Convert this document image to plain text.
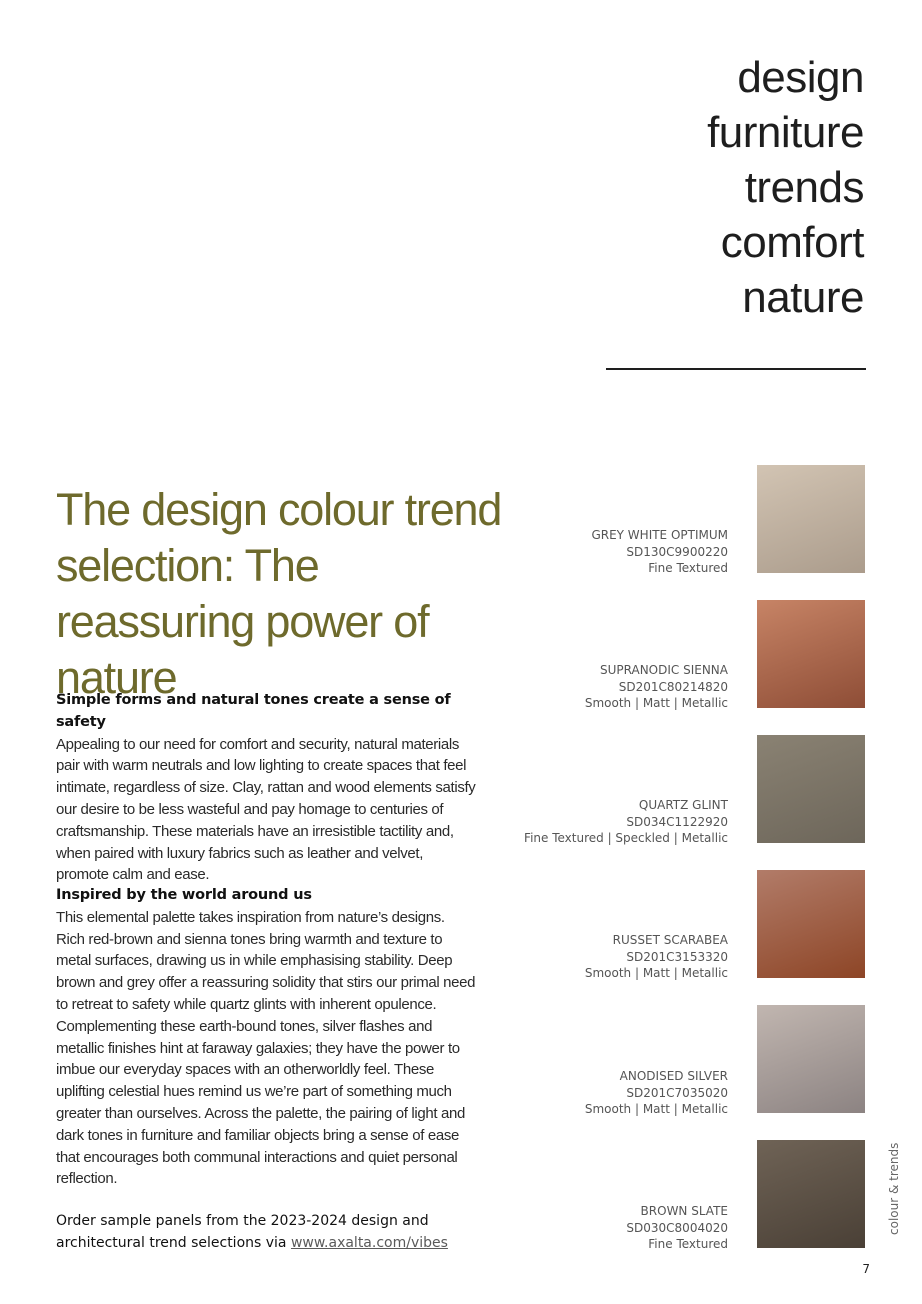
design
furniture
trends
comfort
nature
The design colour trend selection: The reassuring power of nature
Simple forms and natural tones create a sense of safety

Appealing to our need for comfort and security, natural materials pair with warm neutrals and low lighting to create spaces that feel intimate, regardless of size. Clay, rattan and wood elements satisfy our desire to be less wasteful and pay homage to centuries of craftsmanship. These materials have an irresistible tactility and, when paired with luxury fabrics such as leather and velvet, promote calm and ease.

Inspired by the world around us

This elemental palette takes inspiration from nature’s designs. Rich red-brown and sienna tones bring warmth and texture to metal surfaces, drawing us in while emphasising stability. Deep brown and grey offer a reassuring solidity that stirs our primal need to retreat to safety while quartz glints with inherent opulence. Complementing these earth-bound tones, silver flashes and metallic finishes hint at faraway galaxies; they have the power to imbue our everyday spaces with an otherworldly feel. These uplifting celestial hues remind us we’re part of something much greater than ourselves. Across the palette, the pairing of light and dark tones in furniture and familiar objects bring a sense of ease that encourages both communal interactions and quiet personal reflection.

Order sample panels from the 2023-2024 design and architectural trend selections via www.axalta.com/vibes
GREY WHITE OPTIMUM
SD130C9900220
Fine Textured
SUPRANODIC SIENNA
SD201C80214820
Smooth | Matt | Metallic
QUARTZ GLINT
SD034C1122920
Fine Textured | Speckled | Metallic
RUSSET SCARABEA
SD201C3153320
Smooth | Matt | Metallic
ANODISED SILVER
SD201C7035020
Smooth | Matt | Metallic
BROWN SLATE
SD030C8004020
Fine Textured
colour & trends
7
